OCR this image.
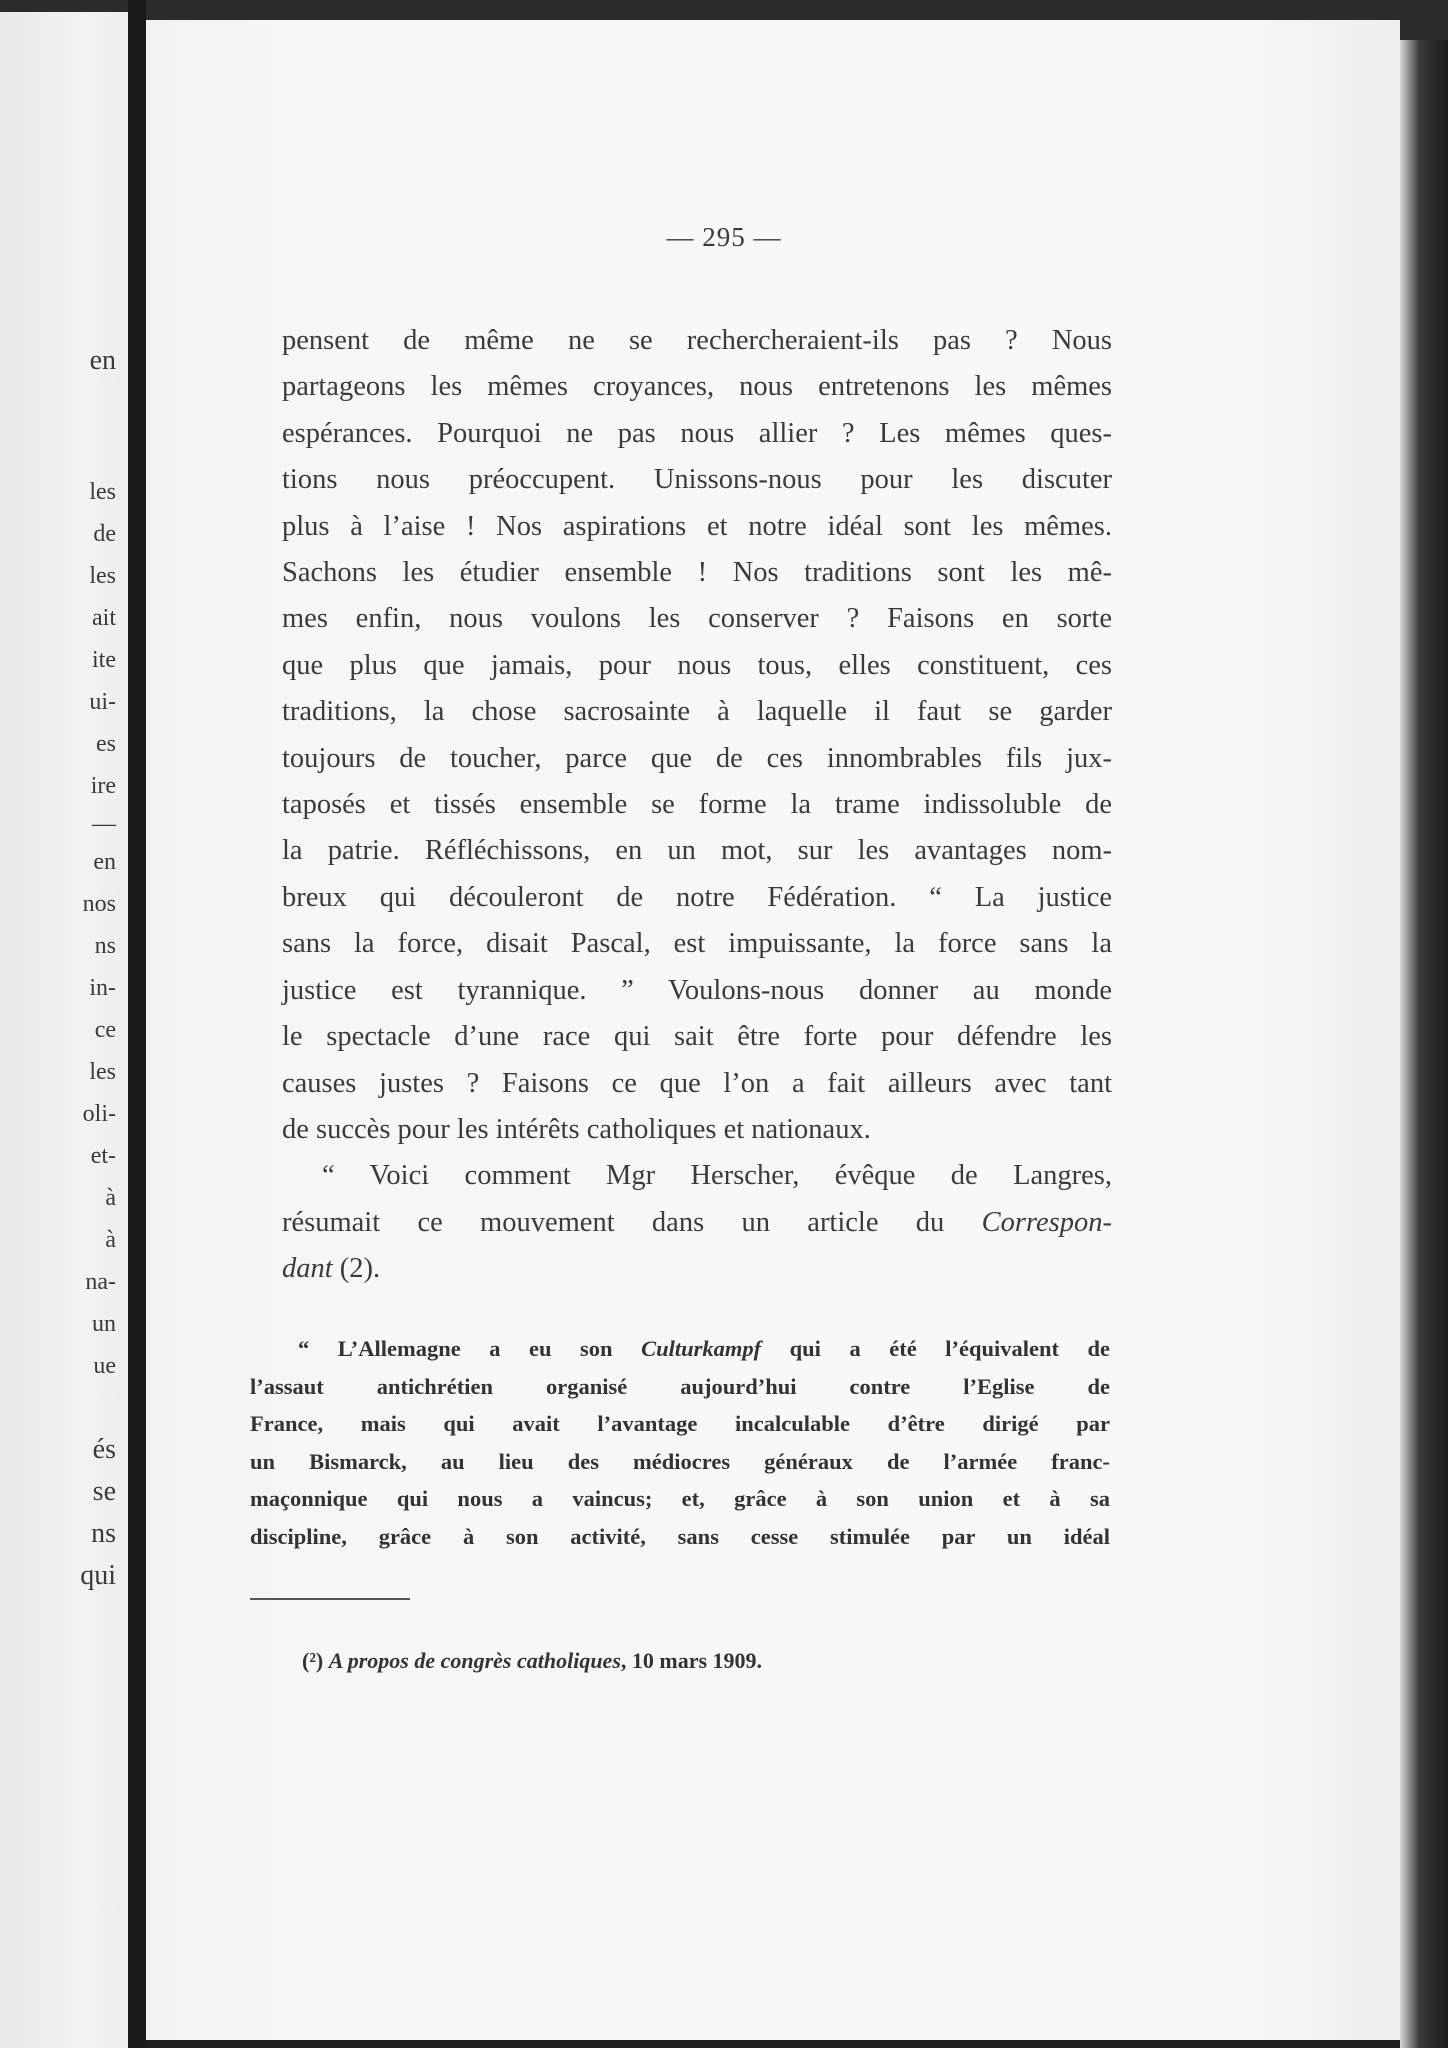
en
les
de
les
ait
ite
ui-
es
ire
—
en
nos
ns
in-
ce
les
oli-
et-
à
à
na-
un
ue
és
se
ns
qui
— 295 —
pensent de même ne se rechercheraient-ils pas ? Nous
partageons les mêmes croyances, nous entretenons les mêmes
espérances. Pourquoi ne pas nous allier ? Les mêmes ques-
tions nous préoccupent. Unissons-nous pour les discuter
plus à l’aise ! Nos aspirations et notre idéal sont les mêmes.
Sachons les étudier ensemble ! Nos traditions sont les mê-
mes enfin, nous voulons les conserver ? Faisons en sorte
que plus que jamais, pour nous tous, elles constituent, ces
traditions, la chose sacrosainte à laquelle il faut se garder
toujours de toucher, parce que de ces innombrables fils jux-
taposés et tissés ensemble se forme la trame indissoluble de
la patrie. Réfléchissons, en un mot, sur les avantages nom-
breux qui découleront de notre Fédération. “ La justice
sans la force, disait Pascal, est impuissante, la force sans la
justice est tyrannique. ” Voulons-nous donner au monde
le spectacle d’une race qui sait être forte pour défendre les
causes justes ? Faisons ce que l’on a fait ailleurs avec tant
de succès pour les intérêts catholiques et nationaux.
“ Voici comment Mgr Herscher, évêque de Langres,
résumait ce mouvement dans un article du Correspon-
dant (2).
“ L’Allemagne a eu son Culturkampf qui a été l’équivalent de
l’assaut antichrétien organisé aujourd’hui contre l’Eglise de
France, mais qui avait l’avantage incalculable d’être dirigé par
un Bismarck, au lieu des médiocres généraux de l’armée franc-
maçonnique qui nous a vaincus; et, grâce à son union et à sa
discipline, grâce à son activité, sans cesse stimulée par un idéal
(²) A propos de congrès catholiques, 10 mars 1909.
